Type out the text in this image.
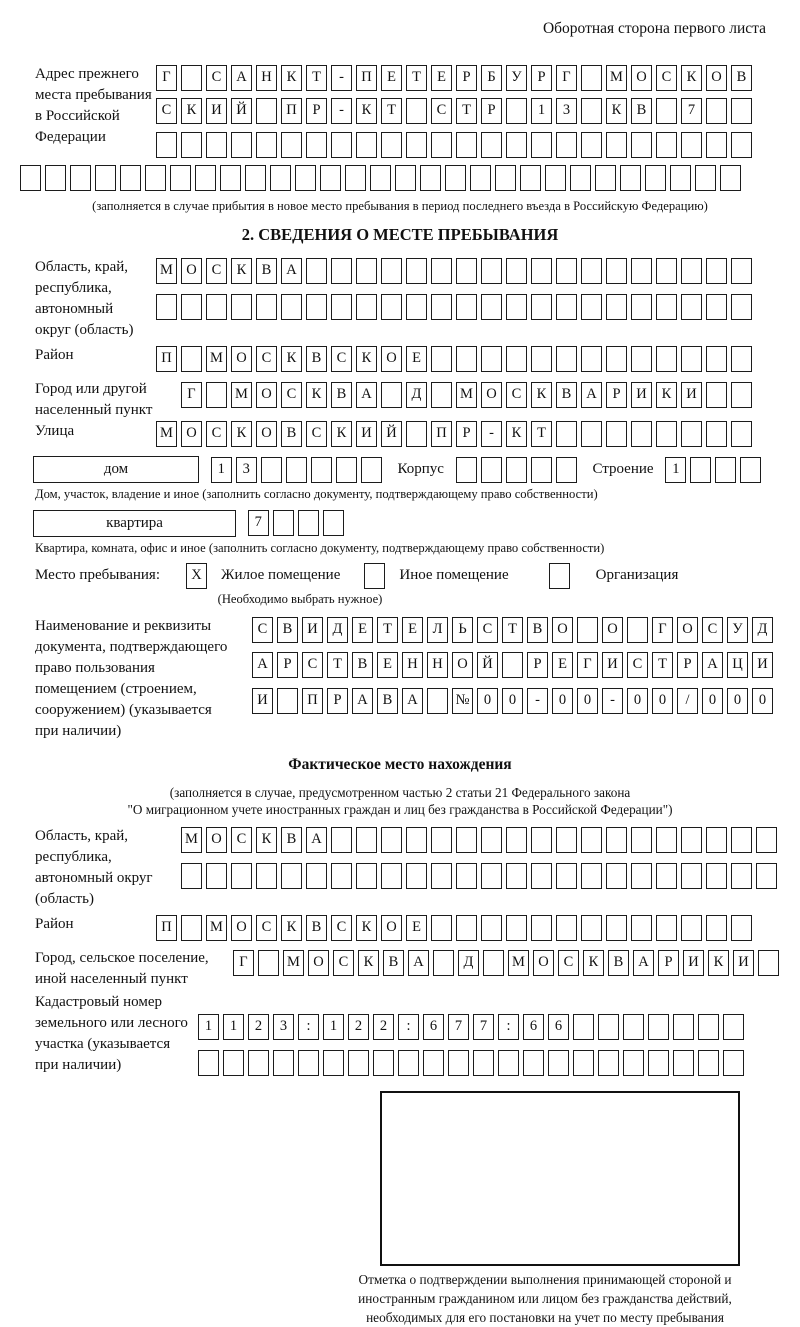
Оборотная сторона первого листа
Адрес прежнего
места пребывания
в Российской
Федерации
Г	С А Н К Т - П Е Т Е Р Б У Р Г	М О С К О В
С К И Й	П Р - К Т	С Т Р	1 3	К В	7
(заполняется в случае прибытия в новое место пребывания в период последнего въезда в Российскую Федерацию)
2. СВЕДЕНИЯ О МЕСТЕ ПРЕБЫВАНИЯ
Область, край,
республика,
автономный
округ (область)
М О С К В А
Район	П	М О С К В С К О Е
Город или другой
населенный пункт
Г	М О С К В А	Д	М О С К В А Р И К И
Улица	М О С К О В С К И Й	П Р - К Т
дом	1 3	Корпус	Строение 1
Дом, участок, владение и иное (заполнить согласно документу, подтверждающему право собственности)
квартира	7
Квартира, комната, офис и иное (заполнить согласно документу, подтверждающему право собственности)
Место пребывания:	X	Жилое помещение	Иное помещение	Организация
(Необходимо выбрать нужное)
Наименование и реквизиты
документа, подтверждающего
право пользования
помещением (строением,
сооружением) (указывается
при наличии)
С В И Д Е Т Е Л Ь С Т В О	О	Г О С У Д
А Р С Т В Е Н Н О Й	Р Е Г И С Т Р А Ц И
И	П Р А В А	№ 0 0 - 0 0 - 0 0 / 0 0 0
Фактическое место нахождения
(заполняется в случае, предусмотренном частью 2 статьи 21 Федерального закона
"О миграционном учете иностранных граждан и лиц без гражданства в Российской Федерации")
Область, край,
республика,
автономный округ
(область)
М О С К В А
Район	П	М О С К В С К О Е
Город, сельское поселение,
иной населенный пункт
Г	М О С К В А	Д	М О С К В А Р И К И
Кадастровый номер
земельного или лесного
участка (указывается
при наличии)
1 1 2 3 : 1 2 2 : 6 7 7 : 6 6
Отметка о подтверждении выполнения принимающей стороной и иностранным гражданином или лицом без гражданства действий, необходимых для его постановки на учет по месту пребывания
